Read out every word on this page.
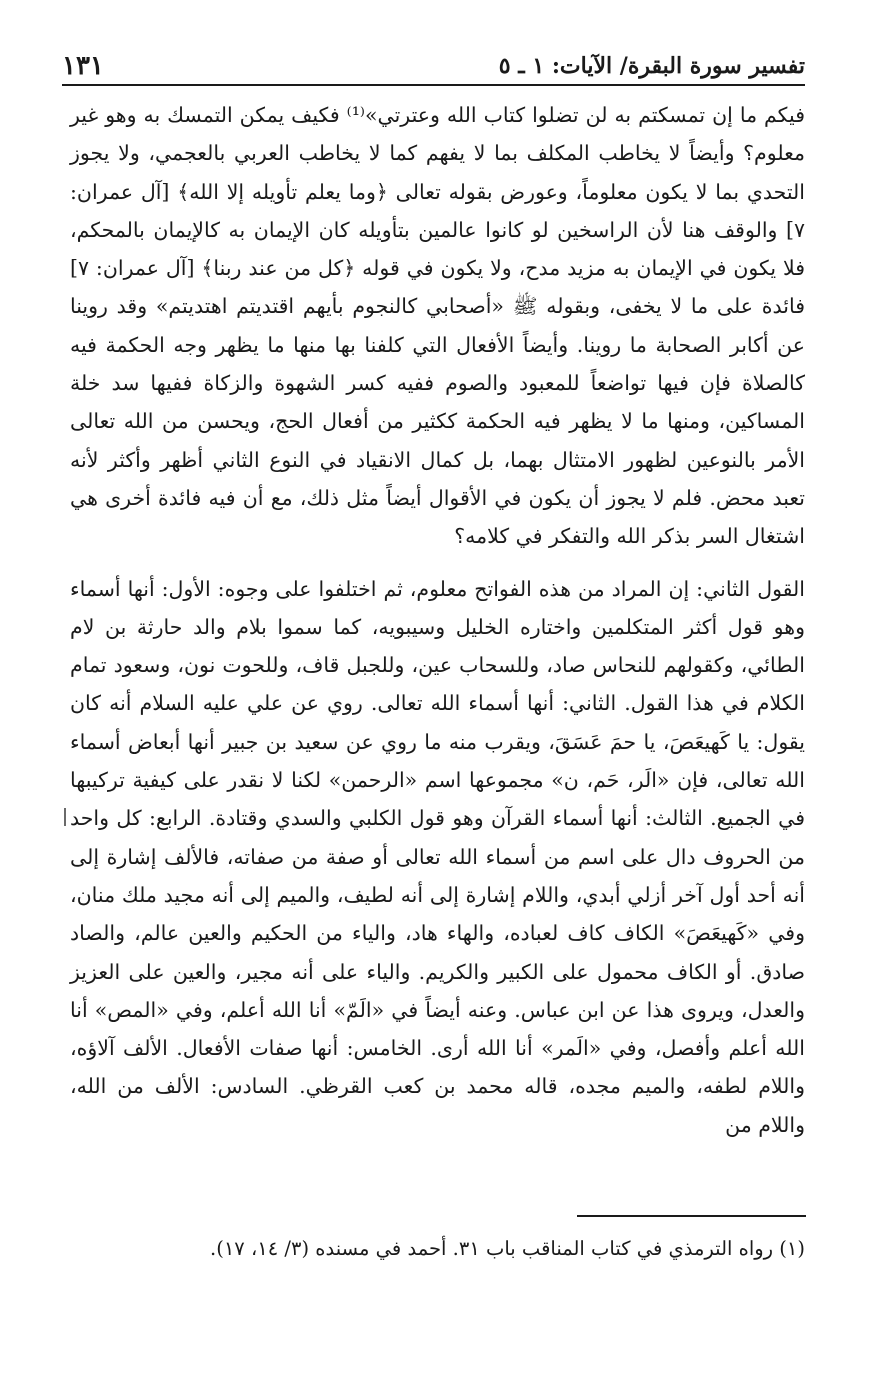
تفسير سورة البقرة/ الآيات: ١ ـ ٥
١٣١

فيكم ما إن تمسكتم به لن تضلوا كتاب الله وعترتي»⁽¹⁾ فكيف يمكن التمسك به وهو غير معلوم؟ وأيضاً لا يخاطب المكلف بما لا يفهم كما لا يخاطب العربي بالعجمي، ولا يجوز التحدي بما لا يكون معلوماً، وعورض بقوله تعالى ﴿وما يعلم تأويله إلا الله﴾ [آل عمران: ٧] والوقف هنا لأن الراسخين لو كانوا عالمين بتأويله كان الإيمان به كالإيمان بالمحكم، فلا يكون في الإيمان به مزيد مدح، ولا يكون في قوله ﴿كل من عند ربنا﴾ [آل عمران: ٧] فائدة على ما لا يخفى، وبقوله ﷺ «أصحابي كالنجوم بأيهم اقتديتم اهتديتم» وقد روينا عن أكابر الصحابة ما روينا. وأيضاً الأفعال التي كلفنا بها منها ما يظهر وجه الحكمة فيه كالصلاة فإن فيها تواضعاً للمعبود والصوم ففيه كسر الشهوة والزكاة ففيها سد خلة المساكين، ومنها ما لا يظهر فيه الحكمة ككثير من أفعال الحج، ويحسن من الله تعالى الأمر بالنوعين لظهور الامتثال بهما، بل كمال الانقياد في النوع الثاني أظهر وأكثر لأنه تعبد محض. فلم لا يجوز أن يكون في الأقوال أيضاً مثل ذلك، مع أن فيه فائدة أخرى هي اشتغال السر بذكر الله والتفكر في كلامه؟

القول الثاني: إن المراد من هذه الفواتح معلوم، ثم اختلفوا على وجوه: الأول: أنها أسماء وهو قول أكثر المتكلمين واختاره الخليل وسيبويه، كما سموا بلام والد حارثة بن لام الطائي، وكقولهم للنحاس صاد، وللسحاب عين، وللجبل قاف، وللحوت نون، وسعود تمام الكلام في هذا القول. الثاني: أنها أسماء الله تعالى. روي عن علي عليه السلام أنه كان يقول: يا كَهيعَصَ، يا حمَ عَسَقَ، ويقرب منه ما روي عن سعيد بن جبير أنها أبعاض أسماء الله تعالى، فإن «الَر، حَم، ن» مجموعها اسم «الرحمن» لكنا لا نقدر على كيفية تركيبها في الجميع. الثالث: أنها أسماء القرآن وهو قول الكلبي والسدي وقتادة. الرابع: كل واحد من الحروف دال على اسم من أسماء الله تعالى أو صفة من صفاته، فالألف إشارة إلى أنه أحد أول آخر أزلي أبدي، واللام إشارة إلى أنه لطيف، والميم إلى أنه مجيد ملك منان، وفي «كَهيعَصَ» الكاف كاف لعباده، والهاء هاد، والياء من الحكيم والعين عالم، والصاد صادق. أو الكاف محمول على الكبير والكريم. والياء على أنه مجير، والعين على العزيز والعدل، ويروى هذا عن ابن عباس. وعنه أيضاً في «الَمّ» أنا الله أعلم، وفي «المص» أنا الله أعلم وأفصل، وفي «الَمر» أنا الله أرى. الخامس: أنها صفات الأفعال. الألف آلاؤه، واللام لطفه، والميم مجده، قاله محمد بن كعب القرظي. السادس: الألف من الله، واللام من

(١) رواه الترمذي في كتاب المناقب باب ٣١. أحمد في مسنده (٣/ ١٤، ١٧).
